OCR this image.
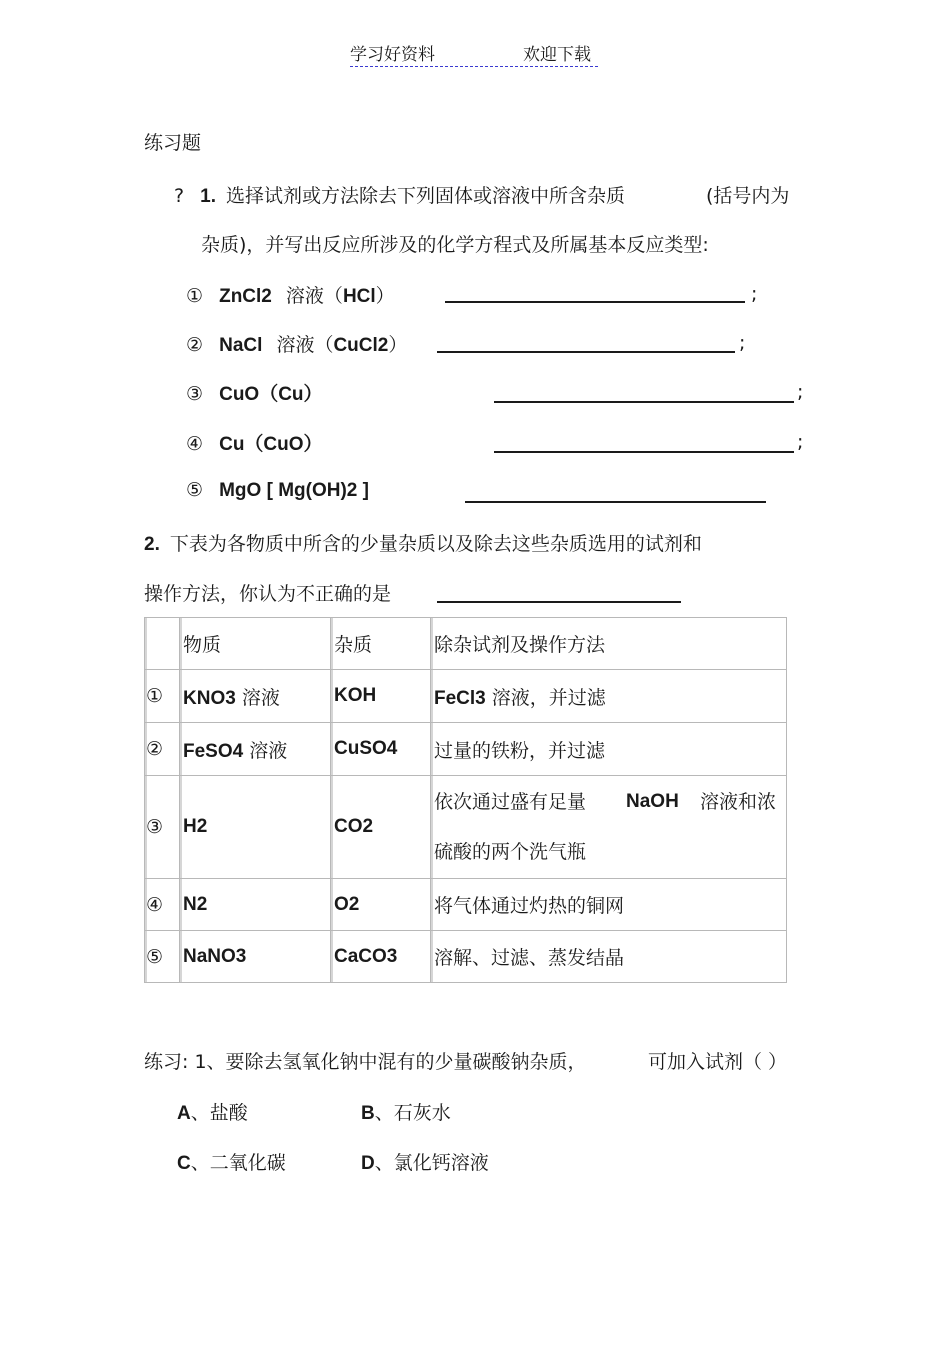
学习好资料	欢迎下载
练习题
? 1. 选择试剂或方法除去下列固体或溶液中所含杂质	(括号内为
杂质)，并写出反应所涉及的化学方程式及所属基本反应类型:
① ZnCl2 溶液（HCl）	;
② NaCl 溶液（CuCl2）	;
③ CuO（Cu）	;
④ Cu（CuO）	;
⑤ MgO [ Mg(OH)2 ]
2. 下表为各物质中所含的少量杂质以及除去这些杂质选用的试剂和
操作方法，你认为不正确的是
	物质	杂质	除杂试剂及操作方法
①	KNO3 溶液	KOH	FeCl3 溶液，并过滤
②	FeSO4 溶液	CuSO4	过量的铁粉，并过滤
③	H2	CO2	依次通过盛有足量 NaOH 溶液和浓
硫酸的两个洗气瓶

④	N2	O2	将气体通过灼热的铜网
⑤	NaNO3	CaCO3	溶解、过滤、蒸发结晶
练习: 1、要除去氢氧化钠中混有的少量碳酸钠杂质，	可加入试剂（ ）
A、盐酸	B、石灰水
C、二氧化碳	D、氯化钙溶液
